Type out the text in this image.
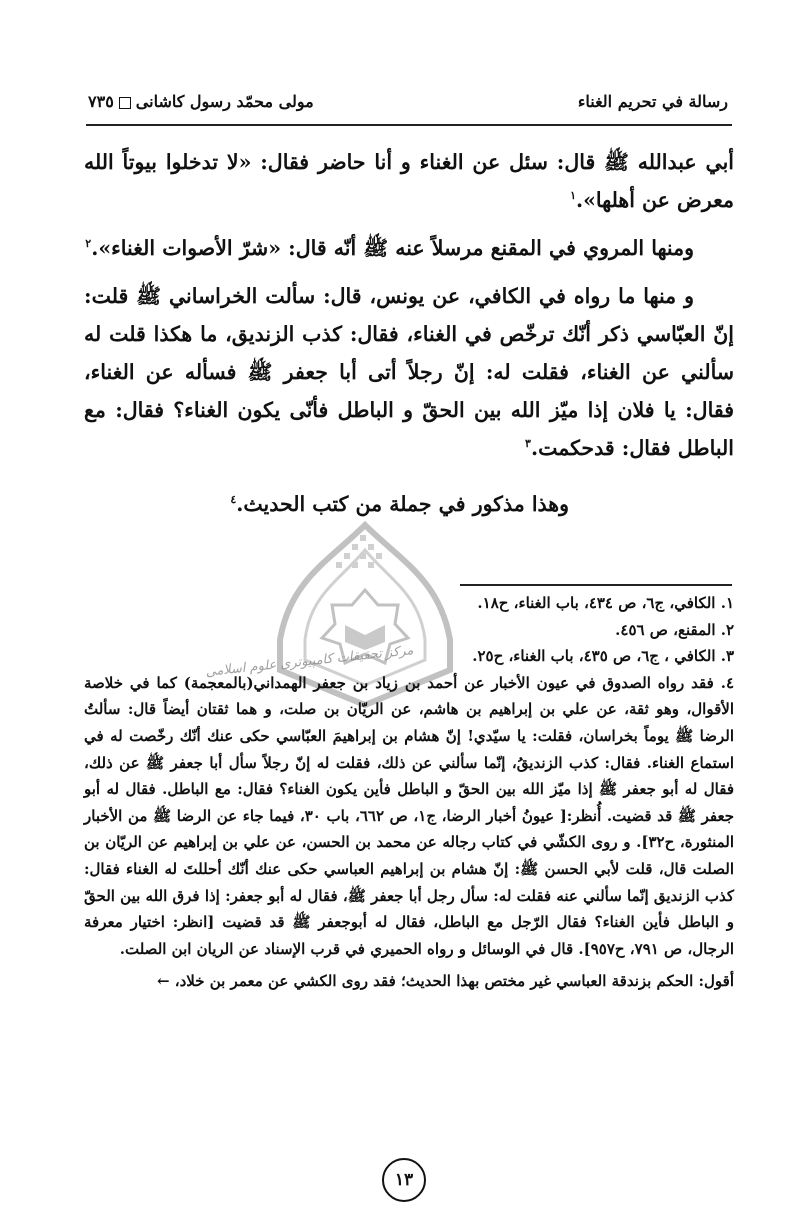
رسالة في تحريم الغناء
مولى محمّد رسول كاشانى٧٣٥

أبي عبدالله ﷺ قال: سئل عن الغناء و أنا حاضر فقال: «لا تدخلوا بيوتاً الله معرض عن أهلها».$^١$

ومنها المروي في المقنع مرسلاً عنه ﷺ أنّه قال: «شرّ الأصوات الغناء».$^٢$

و منها ما رواه في الكافي، عن يونس، قال: سألت الخراساني ﷺ قلت: إنّ العبّاسي ذكر أنّك ترخّص في الغناء، فقال: كذب الزنديق، ما هكذا قلت له سألني عن الغناء، فقلت له: إنّ رجلاً أتى أبا جعفر ﷺ فسأله عن الغناء، فقال: يا فلان إذا ميّز الله بين الحقّ و الباطل فأنّى يكون الغناء؟ فقال: مع الباطل فقال: قدحكمت.$^٣$

وهذا مذكور في جملة من كتب الحديث.$^٤$

مركز تحقيقات كامپيوترى علوم اسلامى

١. الكافي، ج٦، ص ٤٣٤، باب الغناء، ح١٨.

٢. المقنع، ص ٤٥٦.

٣. الكافي ، ج٦، ص ٤٣٥، باب الغناء، ح٢٥.

٤. فقد رواه الصدوق في عيون الأخبار عن أحمد بن زياد بن جعفر الهمداني(بالمعجمة) كما في خلاصة الأقوال، وهو ثقة، عن علي بن إبراهيم بن هاشم، عن الريّان بن صلت، و هما ثقتان أيضاً قال: سألتُ الرضا ﷺ يوماً بخراسان، فقلت: يا سيّدي! إنّ هشام بن إبراهيمَ العبّاسي حكى عنك أنّك رخّصت له في استماع الغناء. فقال: كذب الزنديقُ، إنّما سألني عن ذلك، فقلت له إنّ رجلاً سأل أبا جعفر ﷺ عن ذلك، فقال له أبو جعفر ﷺ إذا ميّز الله بين الحقّ و الباطل فأين يكون الغناء؟ فقال: مع الباطل. فقال له أبو جعفر ﷺ قد قضيت. أُنظر:[ عيونُ أخبار الرضا، ج١، ص ٦٦٢، باب ٣٠، فيما جاء عن الرضا ﷺ من الأخبار المنثورة، ح٣٢]. و روى الكشّي في كتاب رجاله عن محمد بن الحسن، عن علي بن إبراهيم عن الريّان بن الصلت قال، قلت لأبي الحسن ﷺ: إنّ هشام بن إبراهيم العباسي حكى عنك أنّك أحللتَ له الغناء فقال: كذب الزنديق إنّما سألني عنه فقلت له: سأل رجل أبا جعفر ﷺ، فقال له أبو جعفر: إذا فرق الله بين الحقّ و الباطل فأين الغناء؟ فقال الرّجل مع الباطل، فقال له أبوجعفر ﷺ قد قضيت [انظر: اختيار معرفة الرجال، ص ٧٩١، ح٩٥٧]. قال في الوسائل و رواه الحميري في قرب الإسناد عن الريان ابن الصلت.

أقول: الحكم بزندقة العباسي غير مختص بهذا الحديث؛ فقد روى الكشي عن معمر بن خلاد، ←

١٣
